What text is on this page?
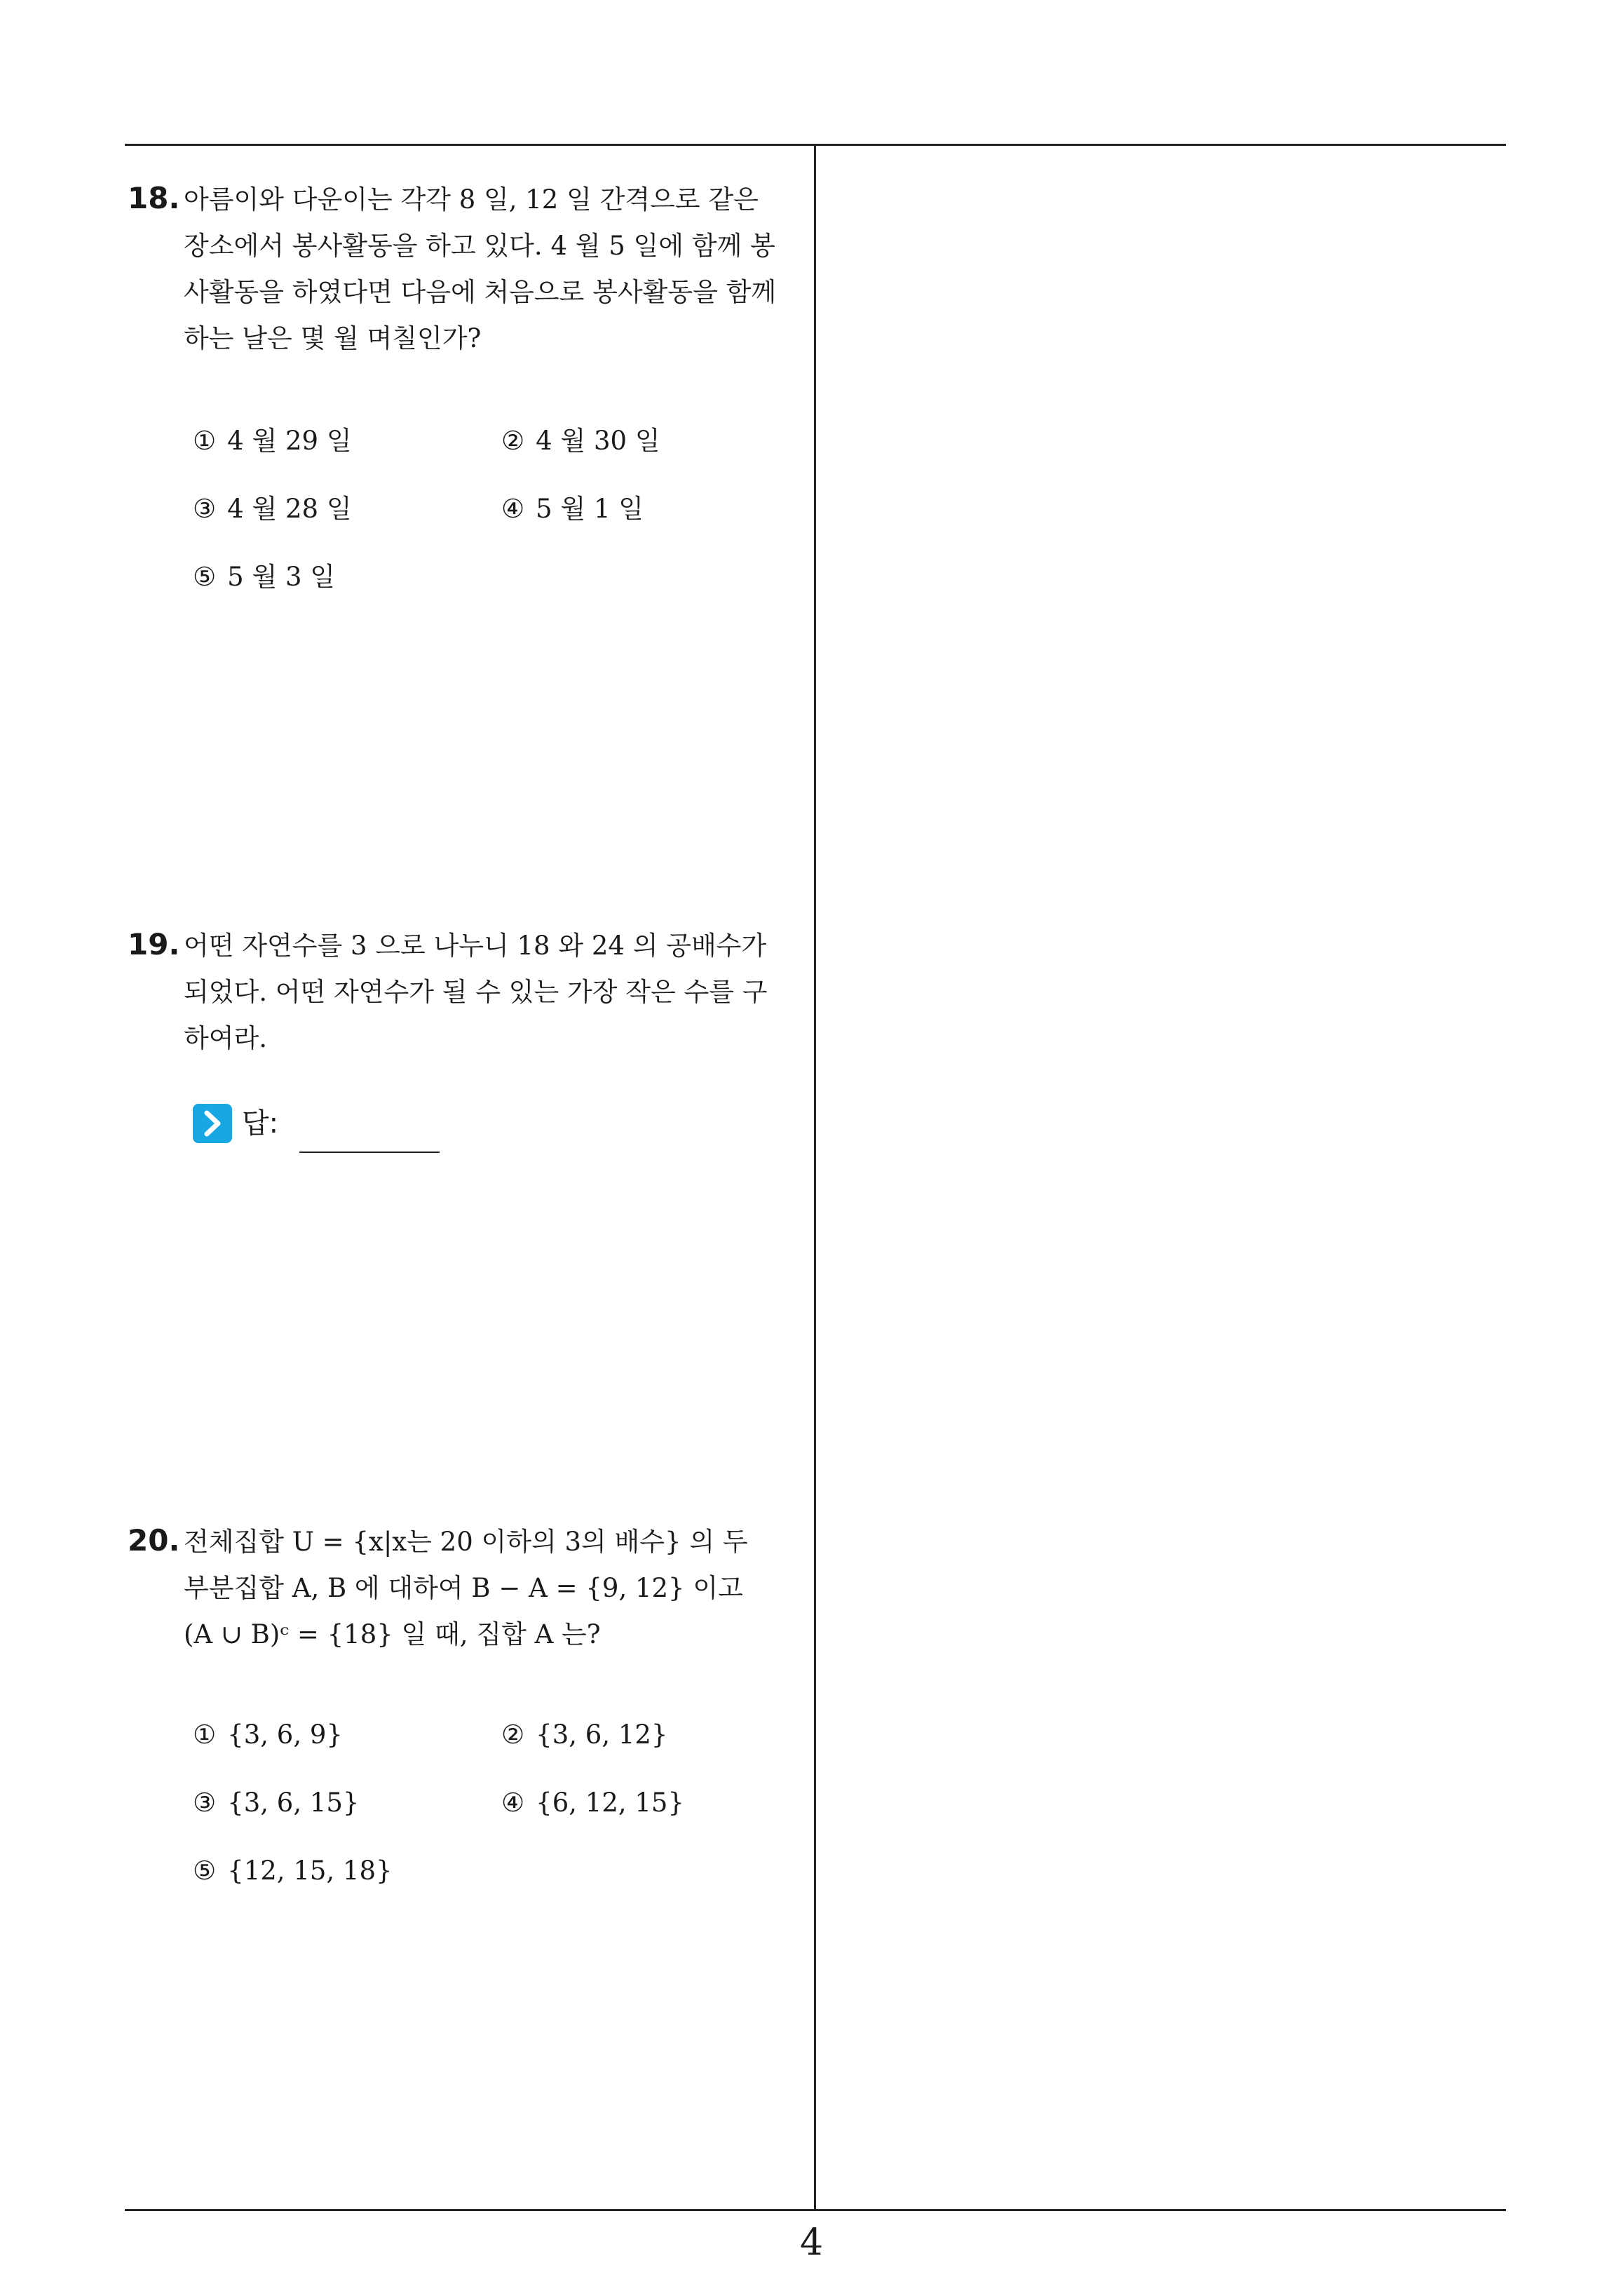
18. 아름이와 다운이는 각각 8 일, 12 일 간격으로 같은
장소에서 봉사활동을 하고 있다. 4 월 5 일에 함께 봉
사활동을 하였다면 다음에 처음으로 봉사활동을 함께
하는 날은 몇 월 며칠인가?
① 4 월 29 일	② 4 월 30 일
③ 4 월 28 일	④ 5 월 1 일
⑤ 5 월 3 일
19. 어떤 자연수를 3 으로 나누니 18 와 24 의 공배수가
되었다. 어떤 자연수가 될 수 있는 가장 작은 수를 구
하여라.
답:
20. 전체집합 U = {x|x는 20 이하의 3의 배수} 의 두
부분집합 A, B 에 대하여 B − A = {9, 12} 이고
(A ∪ B)ᶜ = {18} 일 때, 집합 A 는?
① {3, 6, 9}	② {3, 6, 12}
③ {3, 6, 15}	④ {6, 12, 15}
⑤ {12, 15, 18}
4
